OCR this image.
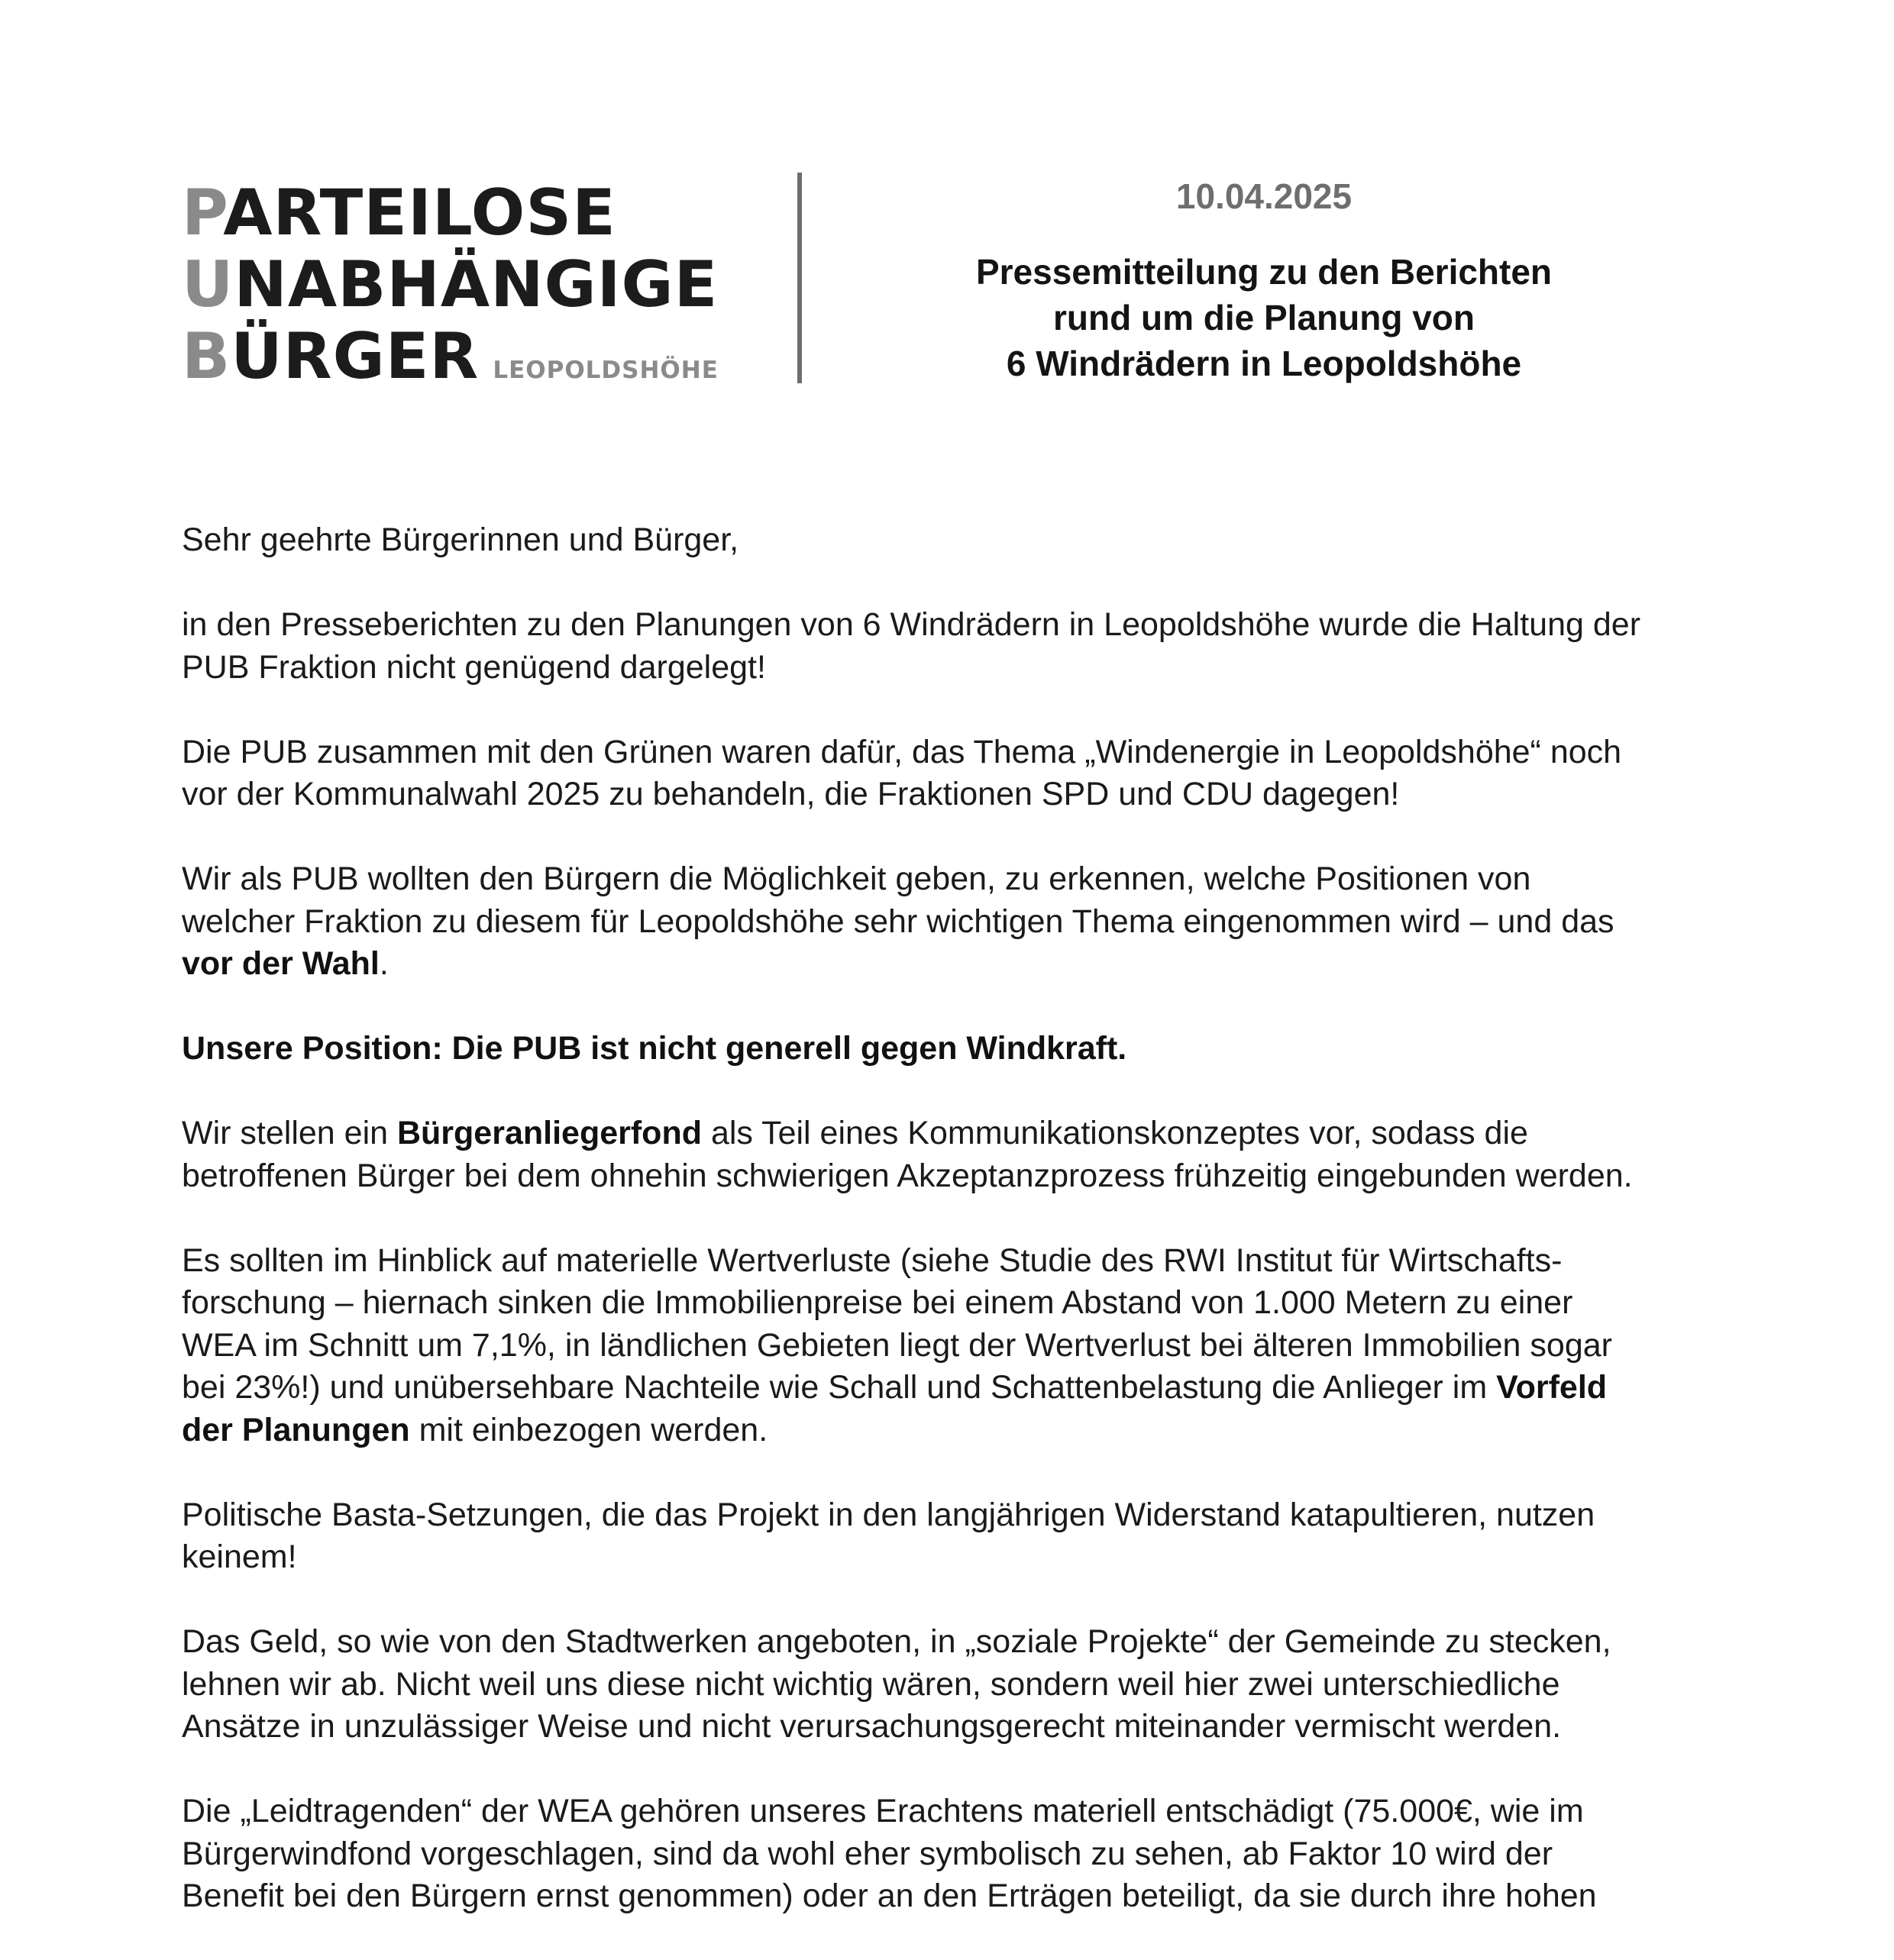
PARTEILOSE
UNABHÄNGIGE
BÜRGER LEOPOLDSHÖHE
10.04.2025
Pressemitteilung zu den Berichten
rund um die Planung von
6 Windrädern in Leopoldshöhe
Sehr geehrte Bürgerinnen und Bürger,
in den Presseberichten zu den Planungen von 6 Windrädern in Leopoldshöhe wurde die Haltung der
PUB Fraktion nicht genügend dargelegt!
Die PUB zusammen mit den Grünen waren dafür, das Thema „Windenergie in Leopoldshöhe“ noch
vor der Kommunalwahl 2025 zu behandeln, die Fraktionen SPD und CDU dagegen!
Wir als PUB wollten den Bürgern die Möglichkeit geben, zu erkennen, welche Positionen von
welcher Fraktion zu diesem für Leopoldshöhe sehr wichtigen Thema eingenommen wird – und das
vor der Wahl.
Unsere Position: Die PUB ist nicht generell gegen Windkraft.
Wir stellen ein Bürgeranliegerfond als Teil eines Kommunikationskonzeptes vor, sodass die
betroffenen Bürger bei dem ohnehin schwierigen Akzeptanzprozess frühzeitig eingebunden werden.
Es sollten im Hinblick auf materielle Wertverluste (siehe Studie des RWI Institut für Wirtschafts-
forschung – hiernach sinken die Immobilienpreise bei einem Abstand von 1.000 Metern zu einer
WEA im Schnitt um 7,1%, in ländlichen Gebieten liegt der Wertverlust bei älteren Immobilien sogar
bei 23%!) und unübersehbare Nachteile wie Schall und Schattenbelastung die Anlieger im Vorfeld
der Planungen mit einbezogen werden.
Politische Basta-Setzungen, die das Projekt in den langjährigen Widerstand katapultieren, nutzen
keinem!
Das Geld, so wie von den Stadtwerken angeboten, in „soziale Projekte“ der Gemeinde zu stecken,
lehnen wir ab. Nicht weil uns diese nicht wichtig wären, sondern weil hier zwei unterschiedliche
Ansätze in unzulässiger Weise und nicht verursachungsgerecht miteinander vermischt werden.
Die „Leidtragenden“ der WEA gehören unseres Erachtens materiell entschädigt (75.000€, wie im
Bürgerwindfond vorgeschlagen, sind da wohl eher symbolisch zu sehen, ab Faktor 10 wird der
Benefit bei den Bürgern ernst genommen) oder an den Erträgen beteiligt, da sie durch ihre hohen
